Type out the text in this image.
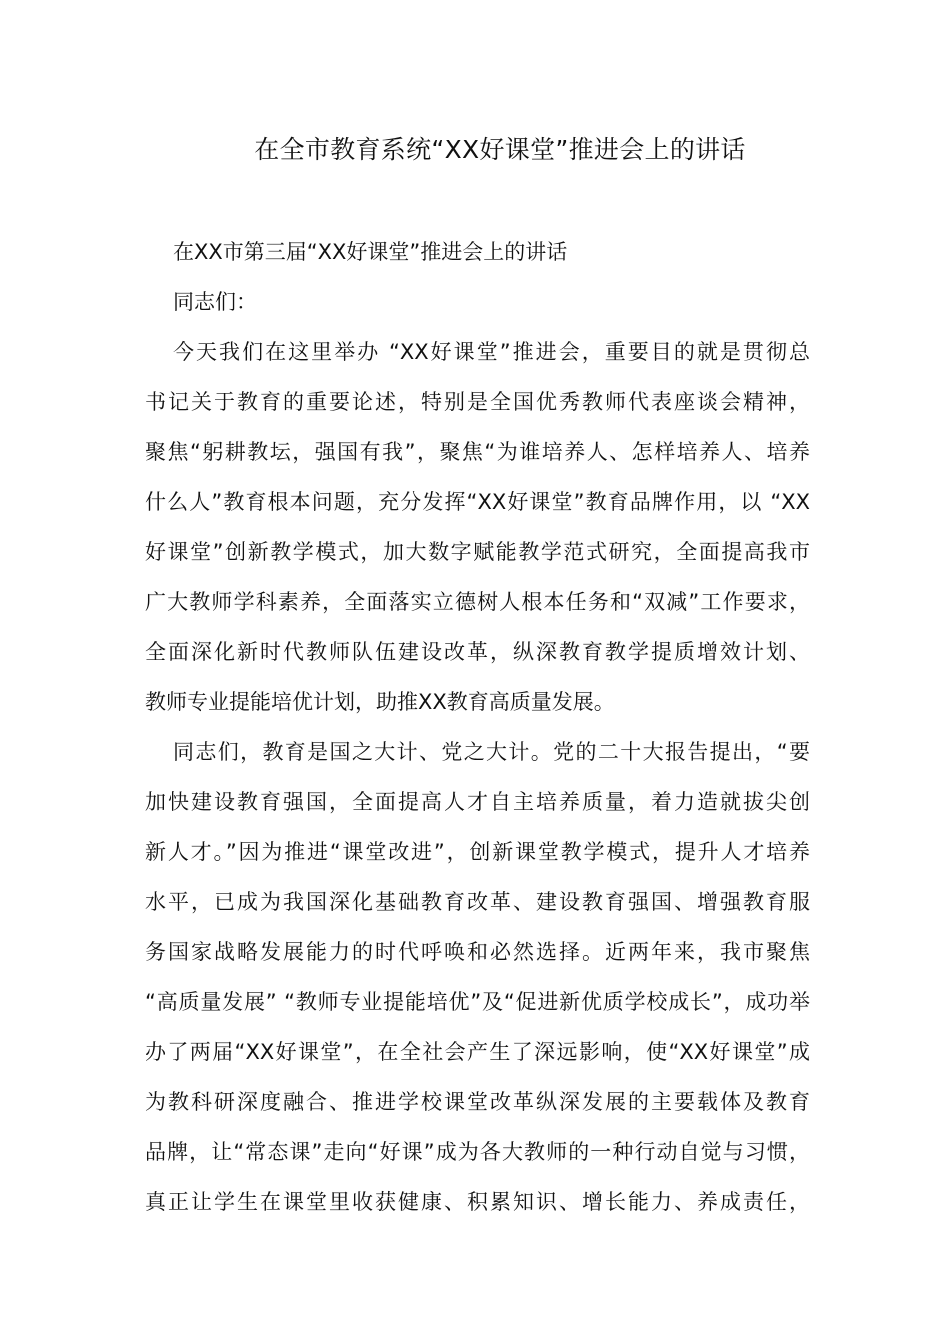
在全市教育系统“XX好课堂”推进会上的讲话

在XX市第三届“XX好课堂”推进会上的讲话

同志们：

今天我们在这里举办 “XX好课堂”推进会，重要目的就是贯彻总
书记关于教育的重要论述，特别是全国优秀教师代表座谈会精神，
聚焦“躬耕教坛，强国有我”，聚焦“为谁培养人、怎样培养人、培养
什么人”教育根本问题，充分发挥“XX好课堂”教育品牌作用，以 “XX
好课堂”创新教学模式，加大数字赋能教学范式研究，全面提高我市
广大教师学科素养，全面落实立德树人根本任务和“双减”工作要求，
全面深化新时代教师队伍建设改革，纵深教育教学提质增效计划、
教师专业提能培优计划，助推XX教育高质量发展。

同志们，教育是国之大计、党之大计。党的二十大报告提出，“要
加快建设教育强国，全面提高人才自主培养质量，着力造就拔尖创
新人才。”因为推进“课堂改进”，创新课堂教学模式，提升人才培养
水平，已成为我国深化基础教育改革、建设教育强国、增强教育服
务国家战略发展能力的时代呼唤和必然选择。近两年来，我市聚焦
“高质量发展” “教师专业提能培优”及“促进新优质学校成长”，成功举
办了两届“XX好课堂”，在全社会产生了深远影响，使“XX好课堂”成
为教科研深度融合、推进学校课堂改革纵深发展的主要载体及教育
品牌，让“常态课”走向“好课”成为各大教师的一种行动自觉与习惯，
真正让学生在课堂里收获健康、积累知识、增长能力、养成责任，
